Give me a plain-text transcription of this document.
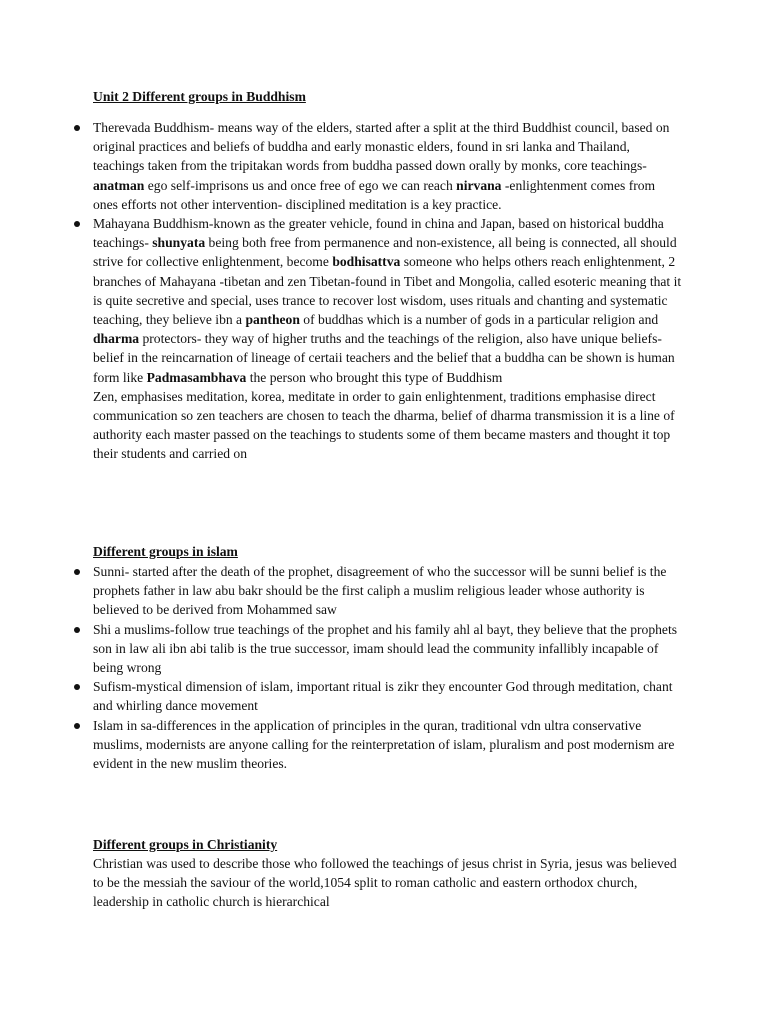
Unit 2 Different groups in Buddhism
Therevada Buddhism- means way of the elders, started after a split at the third Buddhist council, based on original practices and beliefs of buddha and early monastic elders, found in sri lanka and Thailand, teachings taken from the tripitakan words from buddha passed down orally by monks, core teachings-anatman ego self-imprisons us and once free of ego we can reach nirvana -enlightenment comes from ones efforts not other intervention- disciplined meditation is a key practice.
Mahayana Buddhism-known as the greater vehicle, found in china and Japan, based on historical buddha teachings- shunyata being both free from permanence and non-existence, all being is connected, all should strive for collective enlightenment, become bodhisattva someone who helps others reach enlightenment, 2 branches of Mahayana -tibetan and zen Tibetan-found in Tibet and Mongolia, called esoteric meaning that it is quite secretive and special, uses trance to recover lost wisdom, uses rituals and chanting and systematic teaching, they believe ibn a pantheon of buddhas which is a number of gods in a particular religion and dharma protectors- they way of higher truths and the teachings of the religion, also have unique beliefs- belief in the reincarnation of lineage of certaii teachers and the belief that a buddha can be shown is human form like Padmasambhava the person who brought this type of Buddhism
Zen, emphasises meditation, korea, meditate in order to gain enlightenment, traditions emphasise direct communication so zen teachers are chosen to teach the dharma, belief of dharma transmission it is a line of authority each master passed on the teachings to students some of them became masters and thought it top their students and carried on
Different groups in islam
Sunni- started after the death of the prophet, disagreement of who the successor will be sunni belief is the prophets father in law abu bakr should be the first caliph a muslim religious leader whose authority is believed to be derived from Mohammed saw
Shi a muslims-follow true teachings of the prophet and his family ahl al bayt, they believe that the prophets son in law ali ibn abi talib is the true successor, imam should lead the community infallibly incapable of being wrong
Sufism-mystical dimension of islam, important ritual is zikr they encounter God through meditation, chant and whirling dance movement
Islam in sa-differences in the application of principles in the quran, traditional vdn ultra conservative muslims, modernists are anyone calling for the reinterpretation of islam, pluralism and post modernism are evident in the new muslim theories.
Different groups in Christianity

Christian was used to describe those who followed the teachings of jesus christ in Syria, jesus was believed to be the messiah the saviour of the world,1054 split to roman catholic and eastern orthodox church, leadership in catholic church is hierarchical
